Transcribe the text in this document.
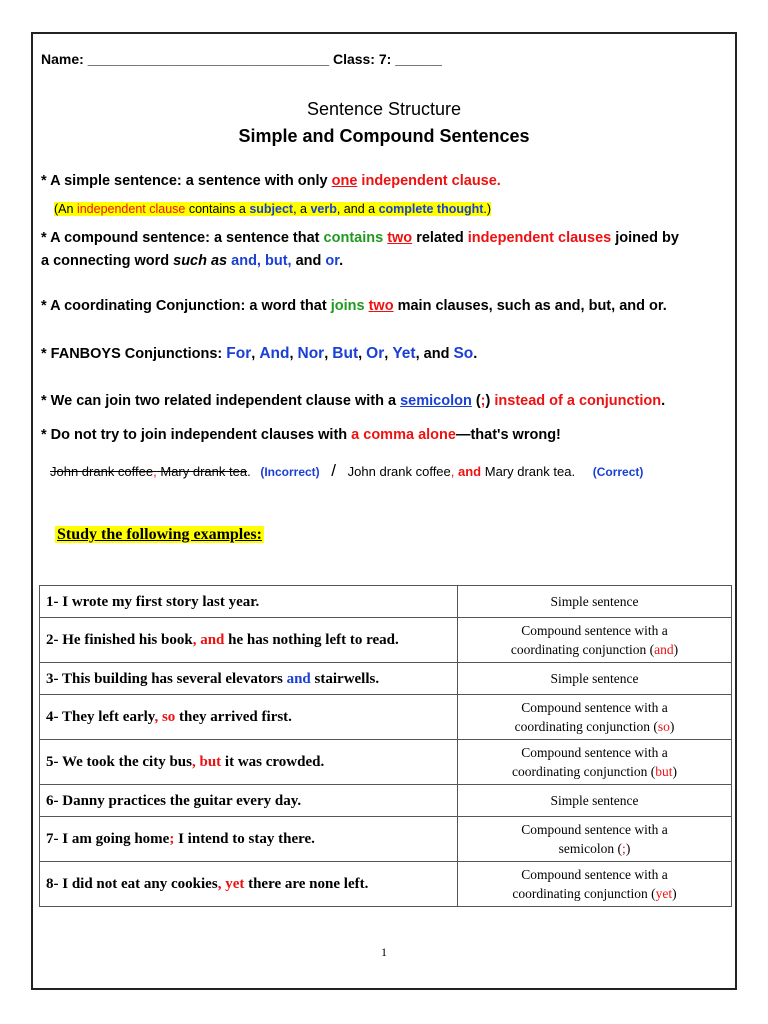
Name: _______________________________ Class: 7: ______
Sentence Structure
Simple and Compound Sentences
* A simple sentence: a sentence with only one independent clause.
(An independent clause contains a subject, a verb, and a complete thought.)
* A compound sentence: a sentence that contains two related independent clauses joined by
a connecting word such as and, but, and or.
* A coordinating Conjunction: a word that joins two main clauses, such as and, but, and or.
* FANBOYS Conjunctions: For, And, Nor, But, Or, Yet, and So.
* We can join two related independent clause with a semicolon (;) instead of a conjunction.
* Do not try to join independent clauses with a comma alone—that's wrong!
John drank coffee, Mary drank tea. (Incorrect) / John drank coffee, and Mary drank tea. (Correct)
Study the following examples:
1- I wrote my first story last year.	Simple sentence

2- He finished his book, and he has nothing left to read.	Compound sentence with a
coordinating conjunction (and)

3- This building has several elevators and stairwells.	Simple sentence

4- They left early, so they arrived first.	Compound sentence with a
coordinating conjunction (so)

5- We took the city bus, but it was crowded.	Compound sentence with a
coordinating conjunction (but)

6- Danny practices the guitar every day.	Simple sentence

7- I am going home; I intend to stay there.	Compound sentence with a
semicolon (;)

8- I did not eat any cookies, yet there are none left.	Compound sentence with a
coordinating conjunction (yet)
1
